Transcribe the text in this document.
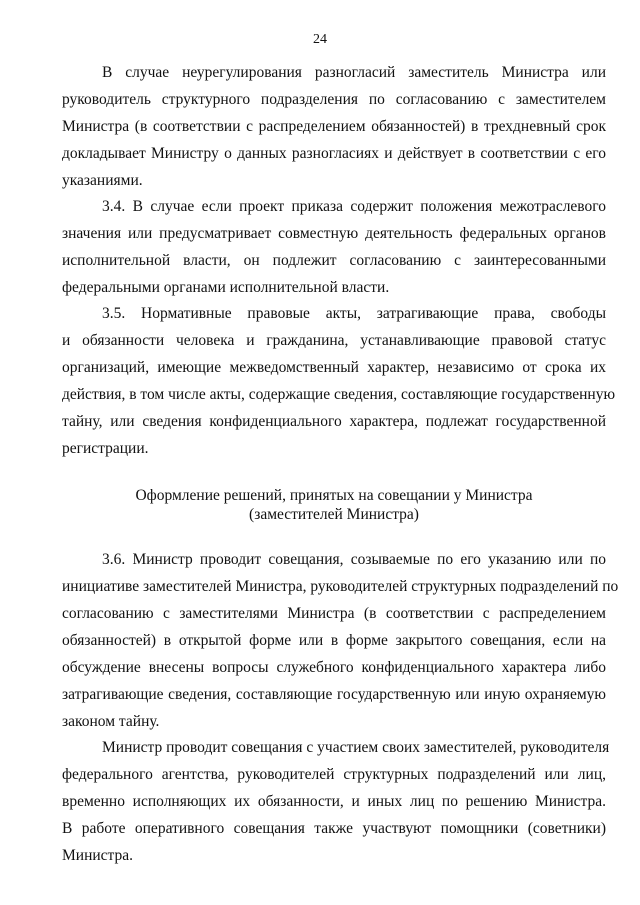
24
В случае неурегулирования разногласий заместитель Министра или
руководитель структурного подразделения по согласованию с заместителем
Министра (в соответствии с распределением обязанностей) в трехдневный срок
докладывает Министру о данных разногласиях и действует в соответствии с его
указаниями.
3.4. В случае если проект приказа содержит положения межотраслевого
значения или предусматривает совместную деятельность федеральных органов
исполнительной власти, он подлежит согласованию с заинтересованными
федеральными органами исполнительной власти.
3.5. Нормативные правовые акты, затрагивающие права, свободы
и обязанности человека и гражданина, устанавливающие правовой статус
организаций, имеющие межведомственный характер, независимо от срока их
действия, в том числе акты, содержащие сведения, составляющие государственную
тайну, или сведения конфиденциального характера, подлежат государственной
регистрации.
Оформление решений, принятых на совещании у Министра
(заместителей Министра)
3.6. Министр проводит совещания, созываемые по его указанию или по
инициативе заместителей Министра, руководителей структурных подразделений по
согласованию с заместителями Министра (в соответствии с распределением
обязанностей) в открытой форме или в форме закрытого совещания, если на
обсуждение внесены вопросы служебного конфиденциального характера либо
затрагивающие сведения, составляющие государственную или иную охраняемую
законом тайну.
Министр проводит совещания с участием своих заместителей, руководителя
федерального агентства, руководителей структурных подразделений или лиц,
временно исполняющих их обязанности, и иных лиц по решению Министра.
В работе оперативного совещания также участвуют помощники (советники)
Министра.
